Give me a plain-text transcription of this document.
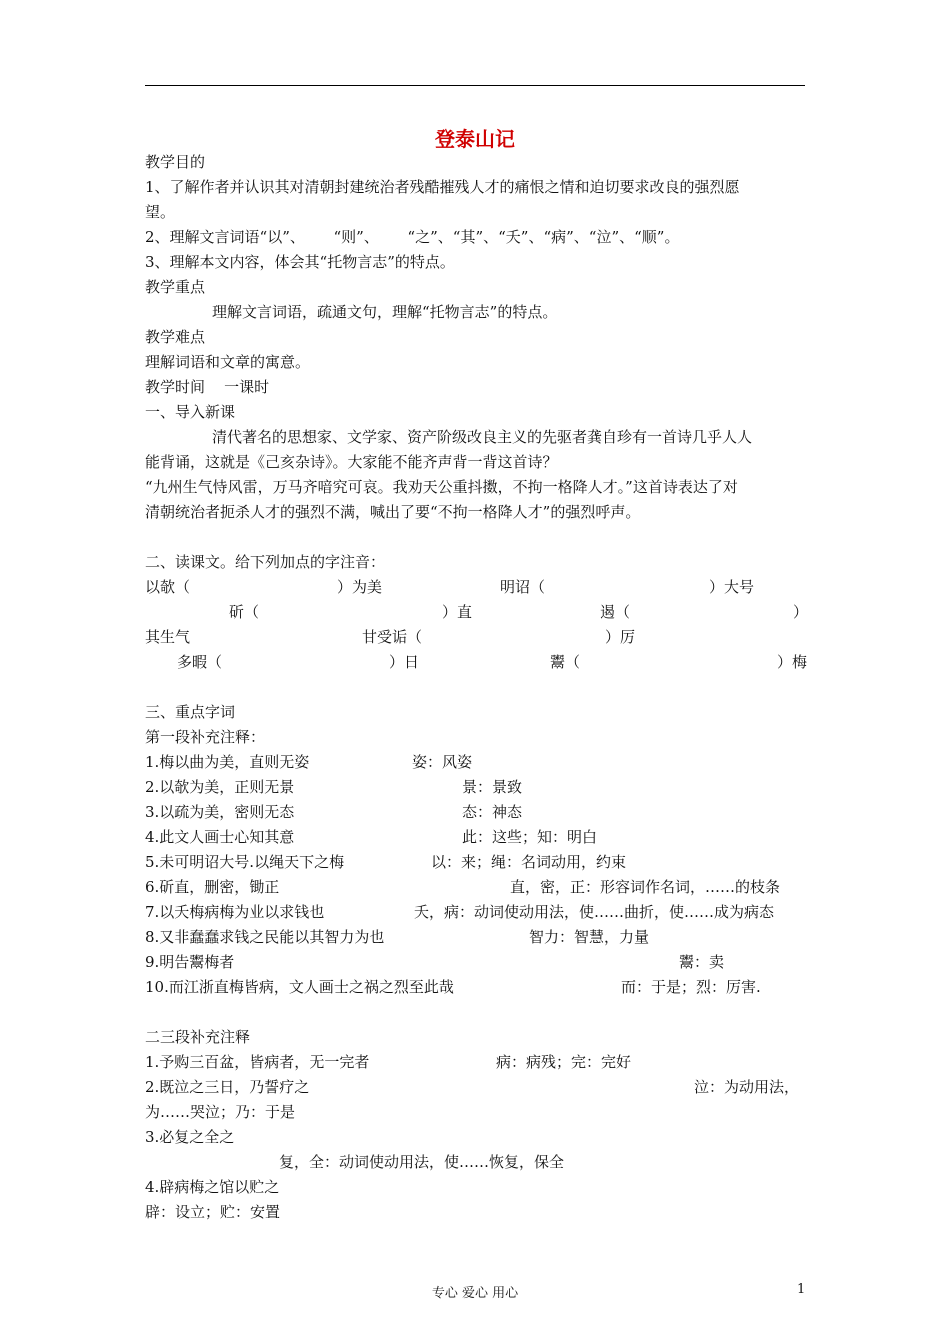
登泰山记
教学目的
1、了解作者并认识其对清朝封建统治者残酷摧残人才的痛恨之情和迫切要求改良的强烈愿
望。
2、理解文言词语“以”、      “则”、      “之”、“其”、“夭”、“病”、“泣”、“顺”。
3、理解本文内容，体会其“托物言志”的特点。
教学重点
理解文言词语，疏通文句，理解“托物言志”的特点。
教学难点
理解词语和文章的寓意。
教学时间    一课时
一、导入新课
清代著名的思想家、文学家、资产阶级改良主义的先驱者龚自珍有一首诗几乎人人
能背诵，这就是《己亥杂诗》。大家能不能齐声背一背这首诗？
“九州生气恃风雷，万马齐喑究可哀。我劝天公重抖擞，不拘一格降人才。”这首诗表达了对
清朝统治者扼杀人才的强烈不满，喊出了要“不拘一格降人才”的强烈呼声。
二、读课文。给下列加点的字注音：
以欹（	）为美	明诏（	）大号
斫（	）直	遏（	）
其生气	甘受诟（	）厉
多暇（	）日	鬻（	）梅
三、重点字词
第一段补充注释：
1.梅以曲为美，直则无姿	姿：风姿
2.以欹为美，正则无景	景：景致
3.以疏为美，密则无态	态：神态
4.此文人画士心知其意	此：这些；知：明白
5.未可明诏大号.以绳天下之梅	以：来；绳：名词动用，约束
6.斫直，删密，锄正	直，密，正：形容词作名词，……的枝条
7.以夭梅病梅为业以求钱也	夭，病：动词使动用法，使……曲折，使……成为病态
8.又非蠢蠢求钱之民能以其智力为也	智力：智慧，力量
9.明告鬻梅者	鬻：卖
10.而江浙直梅皆病，文人画士之祸之烈至此哉	而：于是；烈：厉害.
二三段补充注释
1.予购三百盆，皆病者，无一完者	病：病残；完：完好
2.既泣之三日，乃誓疗之	泣：为动用法，
为……哭泣；乃：于是
3.必复之全之
复，全：动词使动用法，使……恢复，保全
4.辟病梅之馆以贮之
辟：设立；贮：安置
专心 爱心 用心	1
